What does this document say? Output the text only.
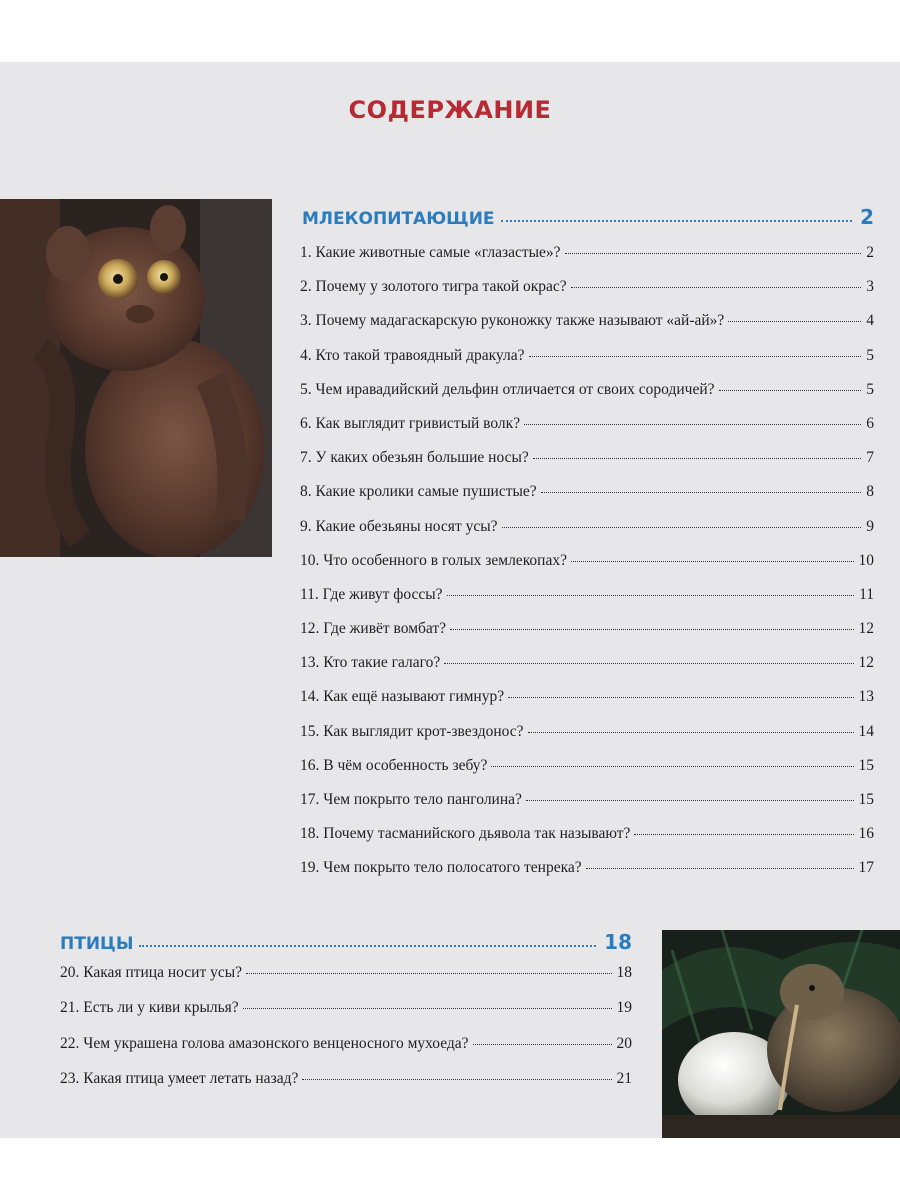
СОДЕРЖАНИЕ
МЛЕКОПИТАЮЩИЕ	2
1. Какие животные самые «глазастые»?	2
2. Почему у золотого тигра такой окрас?	3
3. Почему мадагаскарскую руконожку также называют «ай-ай»?	4
4. Кто такой травоядный дракула?	5
5. Чем иравадийский дельфин отличается от своих сородичей?	5
6. Как выглядит гривистый волк?	6
7. У каких обезьян большие носы?	7
8. Какие кролики самые пушистые?	8
9. Какие обезьяны носят усы?	9
10. Что особенного в голых землекопах?	10
11. Где живут фоссы?	11
12. Где живёт вомбат?	12
13. Кто такие галаго?	12
14. Как ещё называют гимнур?	13
15. Как выглядит крот-звездонос?	14
16. В чём особенность зебу?	15
17. Чем покрыто тело панголина?	15
18. Почему тасманийского дьявола так называют?	16
19. Чем покрыто тело полосатого тенрека?	17
ПТИЦЫ	18
20. Какая птица носит усы?	18
21. Есть ли у киви крылья?	19
22. Чем украшена голова амазонского венценосного мухоеда?	20
23. Какая птица умеет летать назад?	21
